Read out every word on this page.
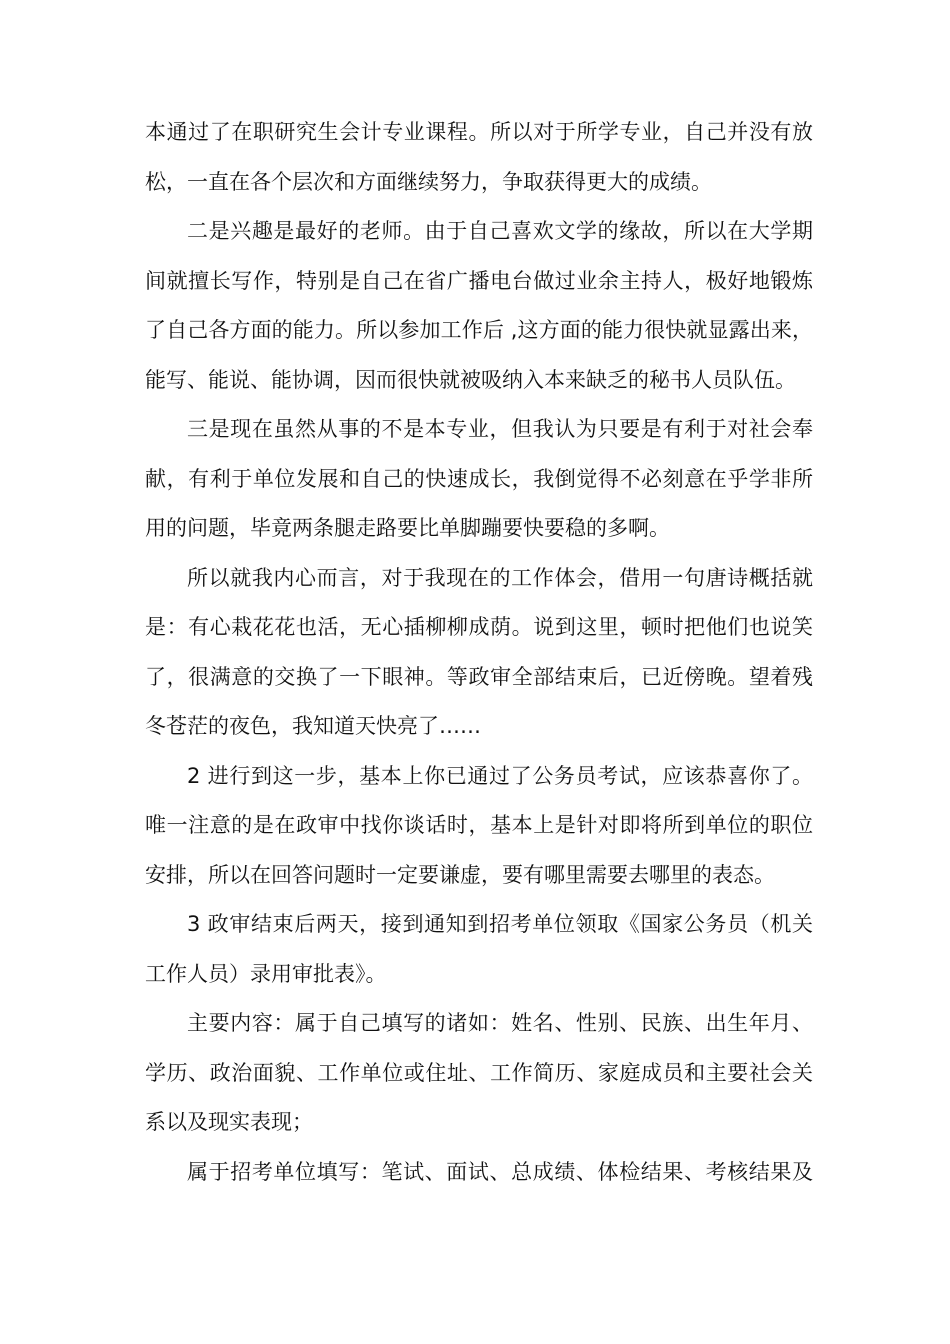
本通过了在职研究生会计专业课程。所以对于所学专业，自己并没有放
松，一直在各个层次和方面继续努力，争取获得更大的成绩。
二是兴趣是最好的老师。由于自己喜欢文学的缘故，所以在大学期
间就擅长写作，特别是自己在省广播电台做过业余主持人，极好地锻炼
了自己各方面的能力。所以参加工作后 ,这方面的能力很快就显露出来，
能写、能说、能协调，因而很快就被吸纳入本来缺乏的秘书人员队伍。
三是现在虽然从事的不是本专业，但我认为只要是有利于对社会奉
献，有利于单位发展和自己的快速成长，我倒觉得不必刻意在乎学非所
用的问题，毕竟两条腿走路要比单脚蹦要快要稳的多啊。
所以就我内心而言，对于我现在的工作体会，借用一句唐诗概括就
是：有心栽花花也活，无心插柳柳成荫。说到这里，顿时把他们也说笑
了，很满意的交换了一下眼神。等政审全部结束后，已近傍晚。望着残
冬苍茫的夜色，我知道天快亮了……
2 进行到这一步，基本上你已通过了公务员考试，应该恭喜你了。
唯一注意的是在政审中找你谈话时，基本上是针对即将所到单位的职位
安排，所以在回答问题时一定要谦虚，要有哪里需要去哪里的表态。
3 政审结束后两天，接到通知到招考单位领取《国家公务员（机关
工作人员）录用审批表》。
主要内容：属于自己填写的诸如：姓名、性别、民族、出生年月、
学历、政治面貌、工作单位或住址、工作简历、家庭成员和主要社会关
系以及现实表现；
属于招考单位填写：笔试、面试、总成绩、体检结果、考核结果及
